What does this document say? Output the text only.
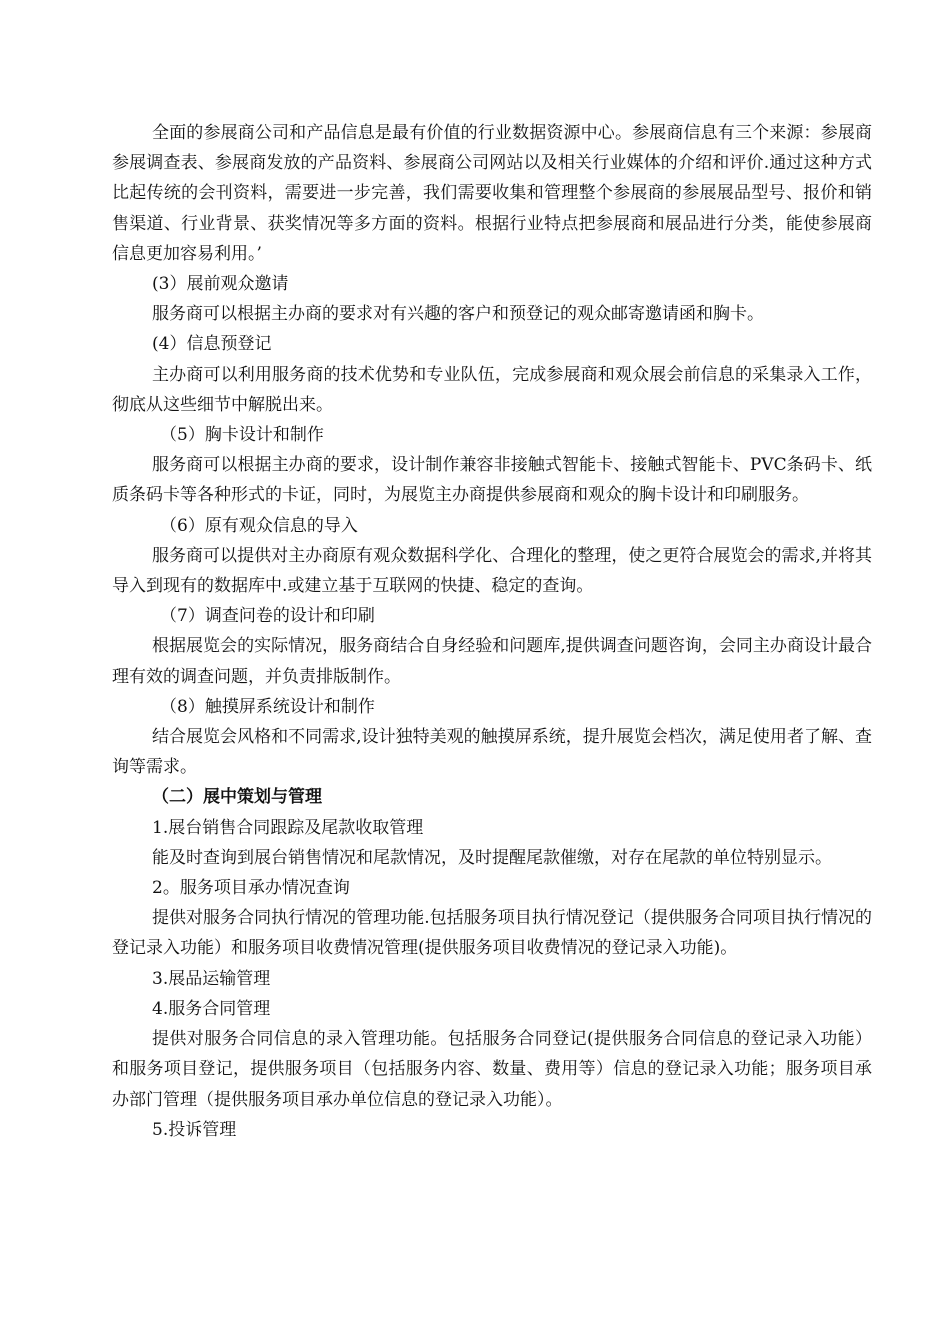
全面的参展商公司和产品信息是最有价值的行业数据资源中心。参展商信息有三个来源：参展商参展调查表、参展商发放的产品资料、参展商公司网站以及相关行业媒体的介绍和评价.通过这种方式比起传统的会刊资料，需要进一步完善，我们需要收集和管理整个参展商的参展展品型号、报价和销售渠道、行业背景、获奖情况等多方面的资料。根据行业特点把参展商和展品进行分类，能使参展商信息更加容易利用。’

(3）展前观众邀请

服务商可以根据主办商的要求对有兴趣的客户和预登记的观众邮寄邀请函和胸卡。

(4）信息预登记

主办商可以利用服务商的技术优势和专业队伍，完成参展商和观众展会前信息的采集录入工作，彻底从这些细节中解脱出来。

（5）胸卡设计和制作

服务商可以根据主办商的要求，设计制作兼容非接触式智能卡、接触式智能卡、PVC条码卡、纸质条码卡等各种形式的卡证，同时，为展览主办商提供参展商和观众的胸卡设计和印刷服务。

（6）原有观众信息的导入

服务商可以提供对主办商原有观众数据科学化、合理化的整理，使之更符合展览会的需求,并将其导入到现有的数据库中.或建立基于互联网的快捷、稳定的查询。

（7）调查问卷的设计和印刷

根据展览会的实际情况，服务商结合自身经验和问题库,提供调查问题咨询，会同主办商设计最合理有效的调查问题，并负责排版制作。

（8）触摸屏系统设计和制作

结合展览会风格和不同需求,设计独特美观的触摸屏系统，提升展览会档次，满足使用者了解、查询等需求。

（二）展中策划与管理

1.展台销售合同跟踪及尾款收取管理

能及时查询到展台销售情况和尾款情况，及时提醒尾款催缴，对存在尾款的单位特别显示。

2。服务项目承办情况查询

提供对服务合同执行情况的管理功能.包括服务项目执行情况登记（提供服务合同项目执行情况的登记录入功能）和服务项目收费情况管理(提供服务项目收费情况的登记录入功能)。

3.展品运输管理

4.服务合同管理

提供对服务合同信息的录入管理功能。包括服务合同登记(提供服务合同信息的登记录入功能）和服务项目登记，提供服务项目（包括服务内容、数量、费用等）信息的登记录入功能；服务项目承办部门管理（提供服务项目承办单位信息的登记录入功能）。

5.投诉管理
